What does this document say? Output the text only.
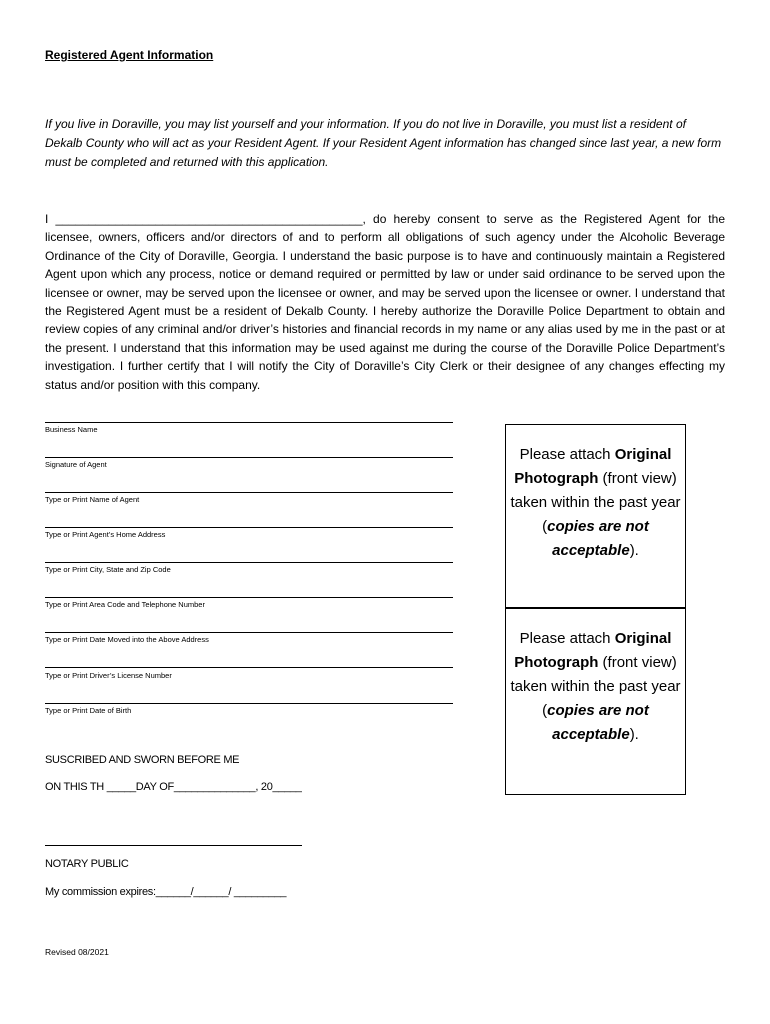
Registered Agent Information
If you live in Doraville, you may list yourself and your information. If you do not live in Doraville, you must list a resident of Dekalb County who will act as your Resident Agent. If your Resident Agent information has changed since last year, a new form must be completed and returned with this application.
I ______________________________________________, do hereby consent to serve as the Registered Agent for the licensee, owners, officers and/or directors of and to perform all obligations of such agency under the Alcoholic Beverage Ordinance of the City of Doraville, Georgia. I understand the basic purpose is to have and continuously maintain a Registered Agent upon which any process, notice or demand required or permitted by law or under said ordinance to be served upon the licensee or owner, may be served upon the licensee or owner, and may be served upon the licensee or owner. I understand that the Registered Agent must be a resident of Dekalb County. I hereby authorize the Doraville Police Department to obtain and review copies of any criminal and/or driver’s histories and financial records in my name or any alias used by me in the past or at the present. I understand that this information may be used against me during the course of the Doraville Police Department’s investigation. I further certify that I will notify the City of Doraville’s City Clerk or their designee of any changes effecting my status and/or position with this company.
Business Name
Signature of Agent
Type or Print Name of Agent
Type or Print Agent’s Home Address
Type or Print City, State and Zip Code
Type or Print Area Code and Telephone Number
Type or Print Date Moved into the Above Address
Type or Print Driver’s License Number
Type or Print Date of Birth
Please attach Original Photograph (front view) taken within the past year (copies are not acceptable).
Please attach Original Photograph (front view) taken within the past year (copies are not acceptable).
SUSCRIBED AND SWORN BEFORE ME
ON THIS TH _____DAY OF______________, 20_____
NOTARY PUBLIC
My commission expires:______/______/ _________
Revised 08/2021
